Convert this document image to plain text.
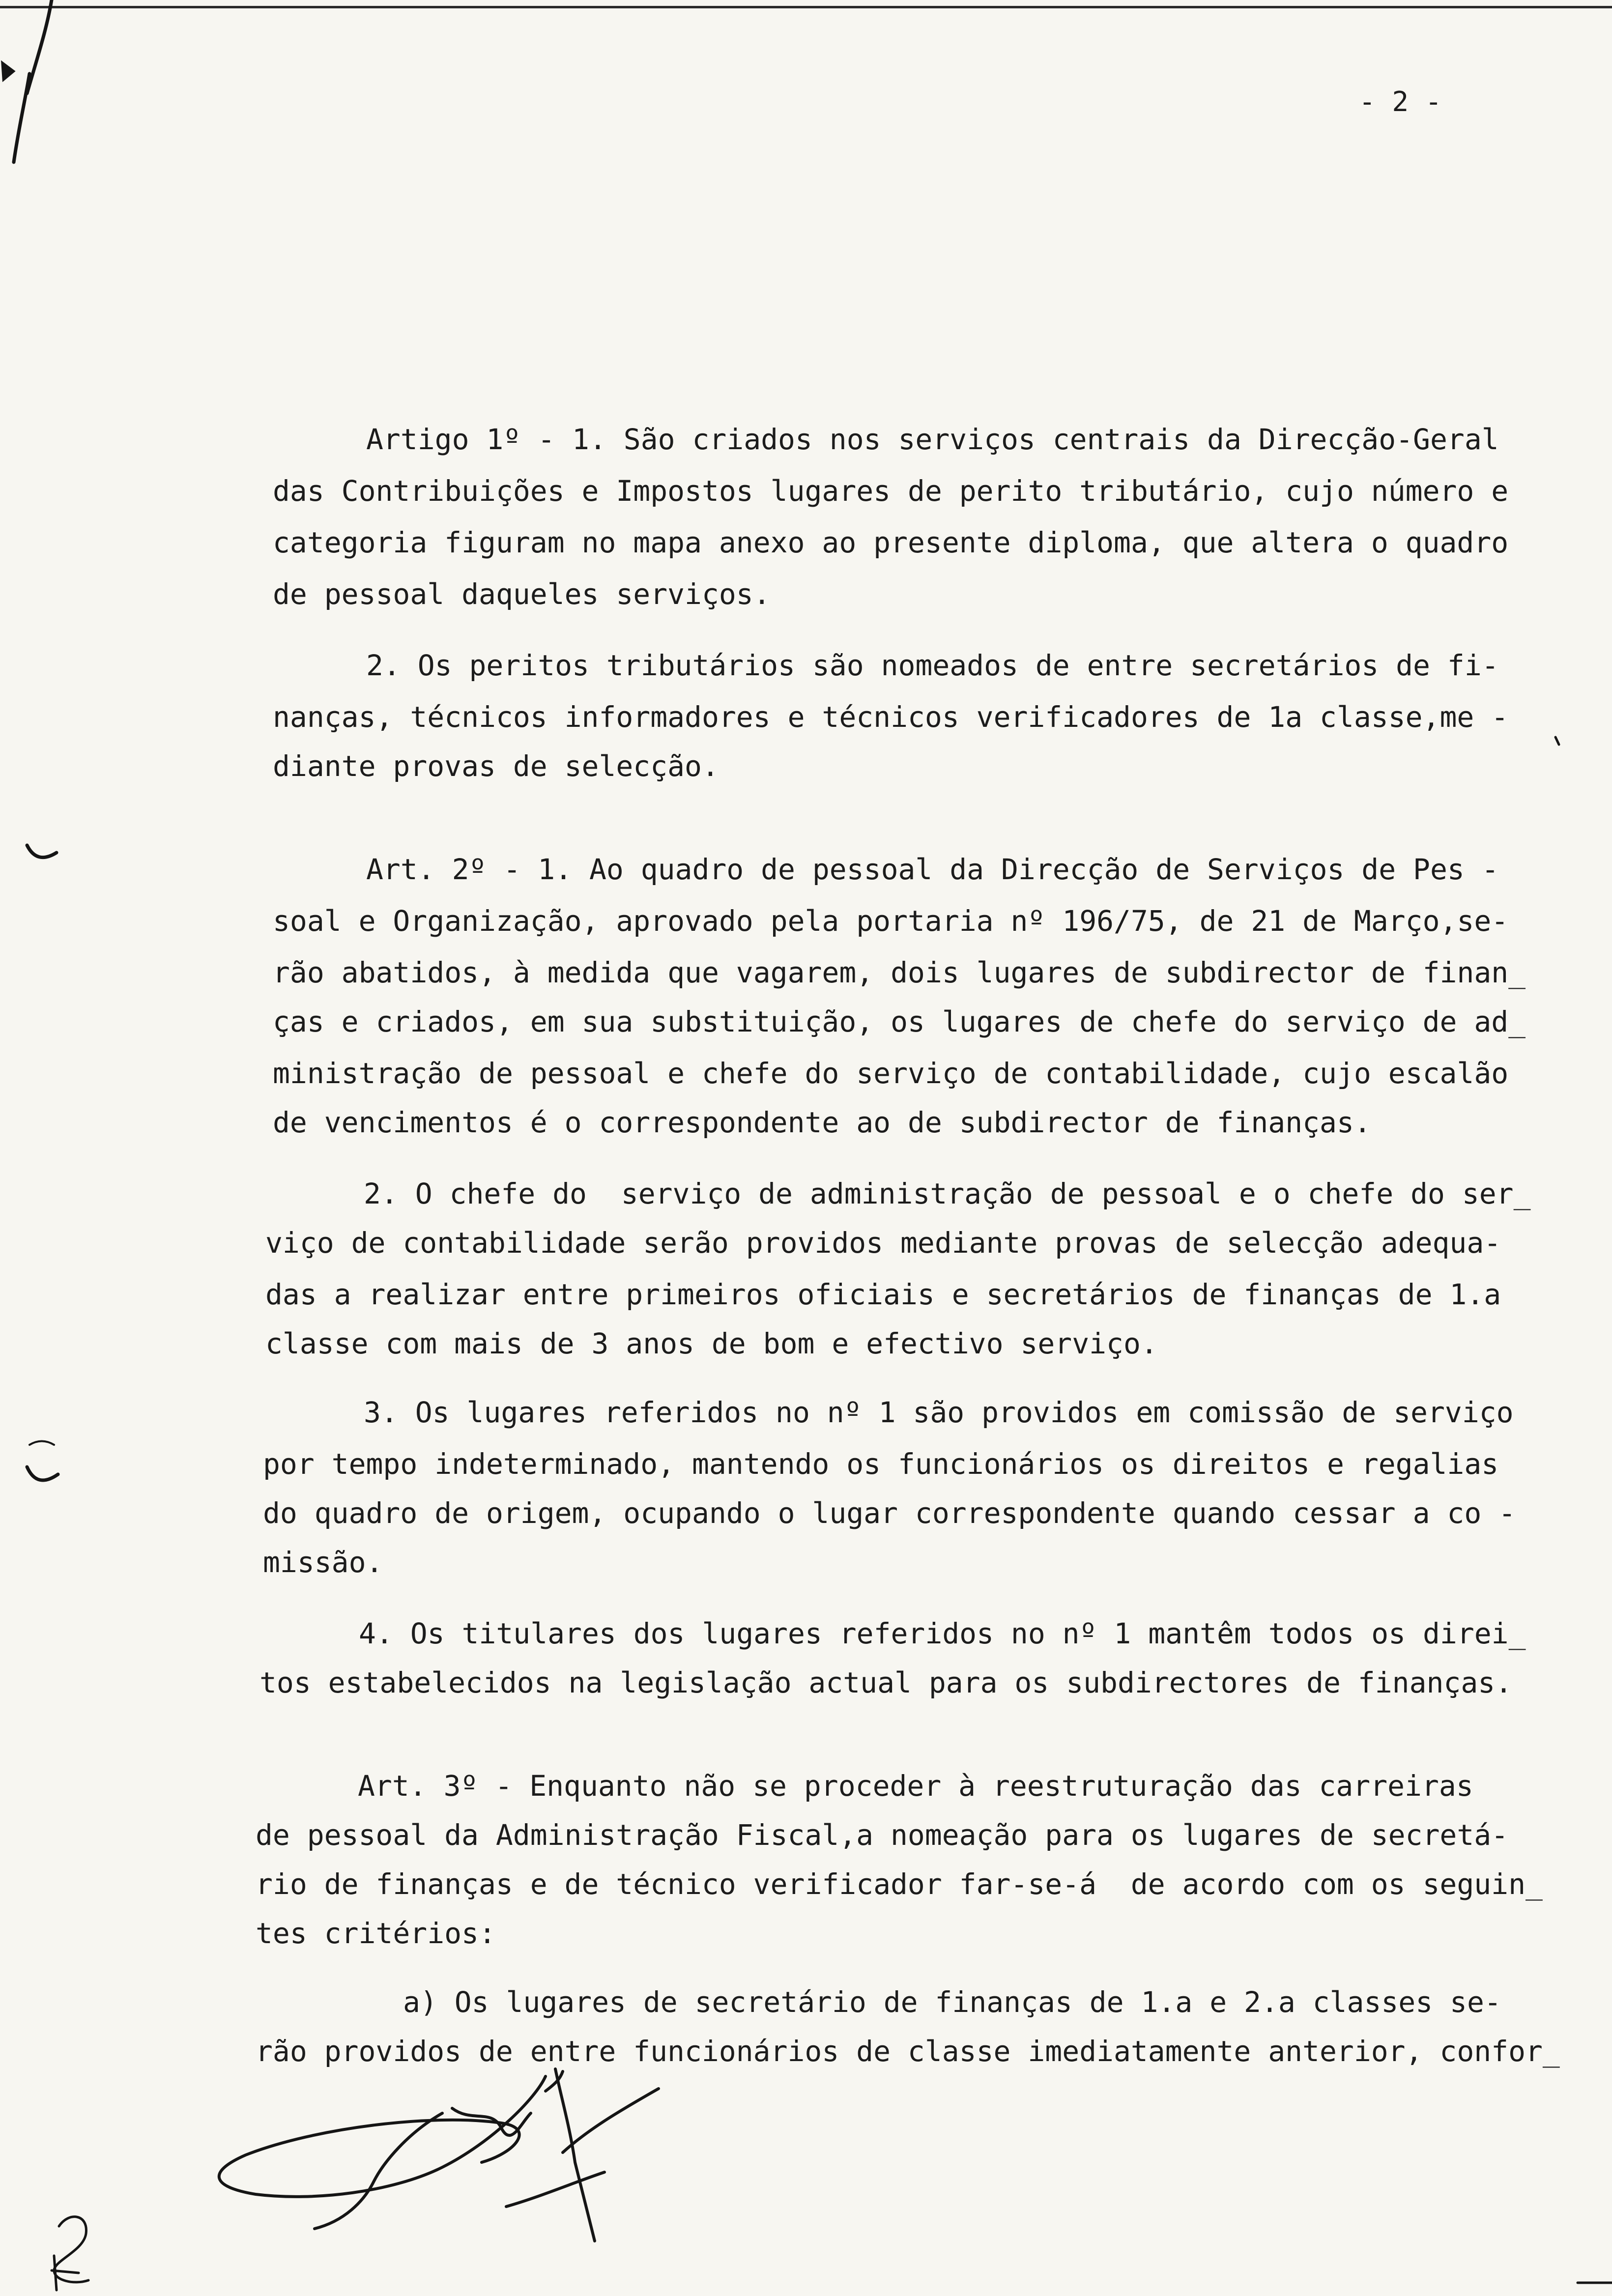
- 2 -
Artigo 1º - 1. São criados nos serviços centrais da Direcção-Geral
das Contribuições e Impostos lugares de perito tributário, cujo número e
categoria figuram no mapa anexo ao presente diploma, que altera o quadro
de pessoal daqueles serviços.
2. Os peritos tributários são nomeados de entre secretários de fi-
nanças, técnicos informadores e técnicos verificadores de 1a classe,me -
diante provas de selecção.
Art. 2º - 1. Ao quadro de pessoal da Direcção de Serviços de Pes -
soal e Organização, aprovado pela portaria nº 196/75, de 21 de Março,se-
rão abatidos, à medida que vagarem, dois lugares de subdirector de finan_
ças e criados, em sua substituição, os lugares de chefe do serviço de ad_
ministração de pessoal e chefe do serviço de contabilidade, cujo escalão
de vencimentos é o correspondente ao de subdirector de finanças.
2. O chefe do  serviço de administração de pessoal e o chefe do ser_
viço de contabilidade serão providos mediante provas de selecção adequa-
das a realizar entre primeiros oficiais e secretários de finanças de 1.a
classe com mais de 3 anos de bom e efectivo serviço.
3. Os lugares referidos no nº 1 são providos em comissão de serviço
por tempo indeterminado, mantendo os funcionários os direitos e regalias
do quadro de origem, ocupando o lugar correspondente quando cessar a co -
missão.
4. Os titulares dos lugares referidos no nº 1 mantêm todos os direi_
tos estabelecidos na legislação actual para os subdirectores de finanças.
Art. 3º - Enquanto não se proceder à reestruturação das carreiras
de pessoal da Administração Fiscal,a nomeação para os lugares de secretá-
rio de finanças e de técnico verificador far-se-á  de acordo com os seguin_
tes critérios:
a) Os lugares de secretário de finanças de 1.a e 2.a classes se-
rão providos de entre funcionários de classe imediatamente anterior, confor_
